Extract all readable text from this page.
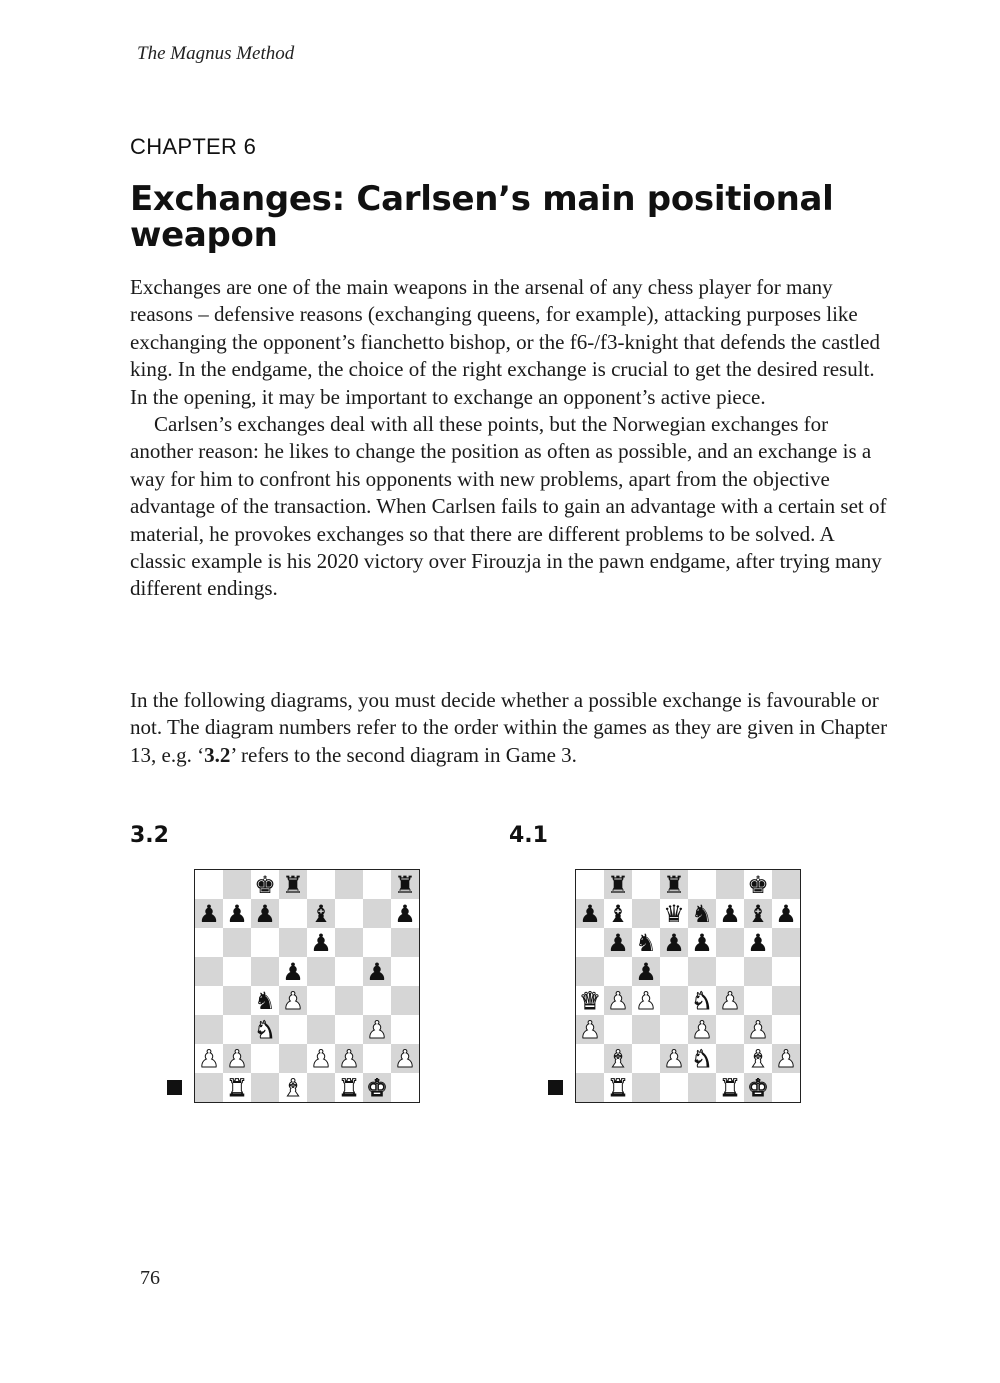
The Magnus Method
CHAPTER 6
Exchanges: Carlsen’s main positional weapon

Exchanges are one of the main weapons in the arsenal of any chess player for many reasons – defensive reasons (exchanging queens, for example), attacking purposes like exchanging the opponent’s fianchetto bishop, or the f6-/f3-knight that defends the castled king. In the endgame, the choice of the right exchange is crucial to get the desired result. In the opening, it may be important to exchange an opponent’s active piece.

Carlsen’s exchanges deal with all these points, but the Norwegian exchanges for another reason: he likes to change the position as often as possible, and an exchange is a way for him to confront his opponents with new problems, apart from the objective advantage of the transaction. When Carlsen fails to gain an advantage with a certain set of material, he provokes exchanges so that there are different problems to be solved. A classic example is his 2020 victory over Firouzja in the pawn endgame, after trying many different endings.

In the following diagrams, you must decide whether a possible exchange is favourable or not. The diagram numbers refer to the order within the games as they are given in Chapter 13, e.g. ‘3.2’ refers to the second diagram in Game 3.

3.2
♚ ♜	♜
♟ ♟ ♟ ♝	♟
♟
♟	♟
♞ ♟
♞	♟
♟ ♟	♟ ♟ ♟
♜ ♝ ♜ ♚
4.1
♜ ♜	♚
♟ ♝ ♛ ♞ ♟ ♝ ♟
♟ ♞ ♟ ♟ ♟
♟
♛ ♟ ♟ ♞ ♟
♟	♟ ♟
♝ ♟ ♞ ♝ ♟
♜	♜ ♚
76
